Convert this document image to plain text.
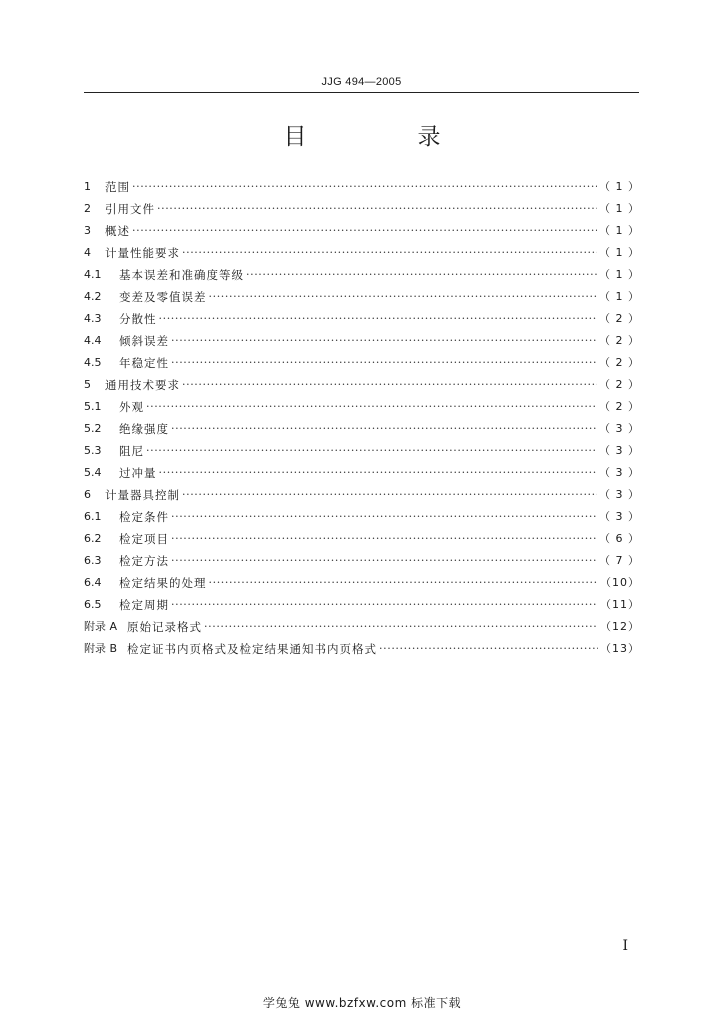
JJG 494—2005
目　录
1	范围 ·····	（ 1 ）
2	引用文件 ·····	（ 1 ）
3	概述 ·····	（ 1 ）
4	计量性能要求 ·····	（ 1 ）
4.1	基本误差和准确度等级 ·····	（ 1 ）
4.2	变差及零值误差 ·····	（ 1 ）
4.3	分散性 ·····	（ 2 ）
4.4	倾斜误差 ·····	（ 2 ）
4.5	年稳定性 ·····	（ 2 ）
5	通用技术要求 ·····	（ 2 ）
5.1	外观 ·····	（ 2 ）
5.2	绝缘强度 ·····	（ 3 ）
5.3	阻尼 ·····	（ 3 ）
5.4	过冲量 ·····	（ 3 ）
6	计量器具控制 ·····	（ 3 ）
6.1	检定条件 ·····	（ 3 ）
6.2	检定项目 ·····	（ 6 ）
6.3	检定方法 ·····	（ 7 ）
6.4	检定结果的处理 ·····	（10）
6.5	检定周期 ·····	（11）
附录 A 原始记录格式 ·····	（12）
附录 B 检定证书内页格式及检定结果通知书内页格式 ·····	（13）
I
学兔兔 www.bzfxw.com 标准下载
